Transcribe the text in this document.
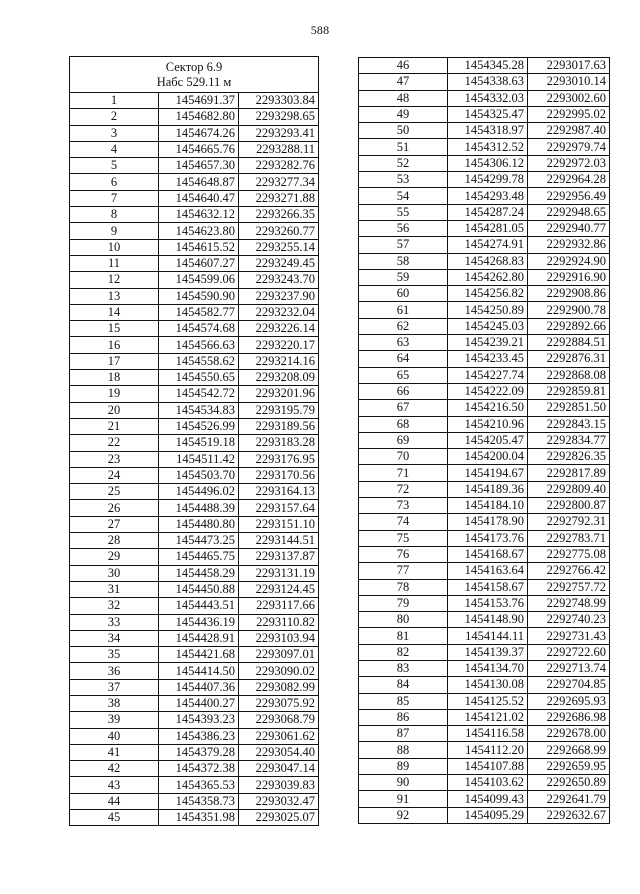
588
Сектор 6.9
Набс 529.11 м		

1	1454691.37	2293303.84
2	1454682.80	2293298.65
3	1454674.26	2293293.41
4	1454665.76	2293288.11
5	1454657.30	2293282.76
6	1454648.87	2293277.34
7	1454640.47	2293271.88
8	1454632.12	2293266.35
9	1454623.80	2293260.77
10	1454615.52	2293255.14
11	1454607.27	2293249.45
12	1454599.06	2293243.70
13	1454590.90	2293237.90
14	1454582.77	2293232.04
15	1454574.68	2293226.14
16	1454566.63	2293220.17
17	1454558.62	2293214.16
18	1454550.65	2293208.09
19	1454542.72	2293201.96
20	1454534.83	2293195.79
21	1454526.99	2293189.56
22	1454519.18	2293183.28
23	1454511.42	2293176.95
24	1454503.70	2293170.56
25	1454496.02	2293164.13
26	1454488.39	2293157.64
27	1454480.80	2293151.10
28	1454473.25	2293144.51
29	1454465.75	2293137.87
30	1454458.29	2293131.19
31	1454450.88	2293124.45
32	1454443.51	2293117.66
33	1454436.19	2293110.82
34	1454428.91	2293103.94
35	1454421.68	2293097.01
36	1454414.50	2293090.02
37	1454407.36	2293082.99
38	1454400.27	2293075.92
39	1454393.23	2293068.79
40	1454386.23	2293061.62
41	1454379.28	2293054.40
42	1454372.38	2293047.14
43	1454365.53	2293039.83
44	1454358.73	2293032.47
45	1454351.98	2293025.07
46	1454345.28	2293017.63
47	1454338.63	2293010.14
48	1454332.03	2293002.60
49	1454325.47	2292995.02
50	1454318.97	2292987.40
51	1454312.52	2292979.74
52	1454306.12	2292972.03
53	1454299.78	2292964.28
54	1454293.48	2292956.49
55	1454287.24	2292948.65
56	1454281.05	2292940.77
57	1454274.91	2292932.86
58	1454268.83	2292924.90
59	1454262.80	2292916.90
60	1454256.82	2292908.86
61	1454250.89	2292900.78
62	1454245.03	2292892.66
63	1454239.21	2292884.51
64	1454233.45	2292876.31
65	1454227.74	2292868.08
66	1454222.09	2292859.81
67	1454216.50	2292851.50
68	1454210.96	2292843.15
69	1454205.47	2292834.77
70	1454200.04	2292826.35
71	1454194.67	2292817.89
72	1454189.36	2292809.40
73	1454184.10	2292800.87
74	1454178.90	2292792.31
75	1454173.76	2292783.71
76	1454168.67	2292775.08
77	1454163.64	2292766.42
78	1454158.67	2292757.72
79	1454153.76	2292748.99
80	1454148.90	2292740.23
81	1454144.11	2292731.43
82	1454139.37	2292722.60
83	1454134.70	2292713.74
84	1454130.08	2292704.85
85	1454125.52	2292695.93
86	1454121.02	2292686.98
87	1454116.58	2292678.00
88	1454112.20	2292668.99
89	1454107.88	2292659.95
90	1454103.62	2292650.89
91	1454099.43	2292641.79
92	1454095.29	2292632.67
